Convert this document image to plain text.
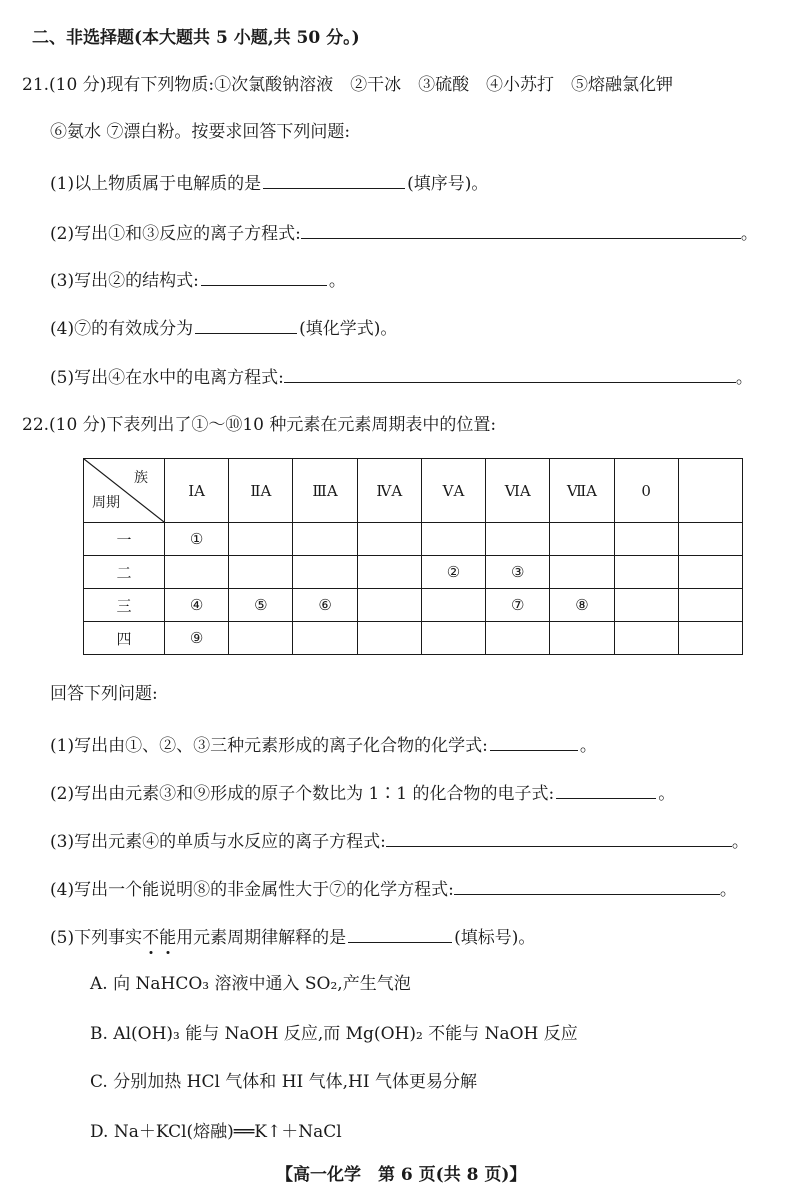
二、非选择题(本大题共 5 小题,共 50 分。)
21.(10 分)现有下列物质:①次氯酸钠溶液　②干冰　③硫酸　④小苏打　⑤熔融氯化钾
⑥氨水 ⑦漂白粉。按要求回答下列问题:
(1)以上物质属于电解质的是	(填序号)。
(2)写出①和③反应的离子方程式:	。
(3)写出②的结构式:	。
(4)⑦的有效成分为	(填化学式)。
(5)写出④在水中的电离方程式:	。
22.(10 分)下表列出了①～⑩10 种元素在元素周期表中的位置:
族
周期	ⅠA	ⅡA	ⅢA	ⅣA	ⅤA	ⅥA	ⅦA	0	
一	①								
二					②	③			
三	④	⑤	⑥			⑦	⑧		
四	⑨								
回答下列问题:
(1)写出由①、②、③三种元素形成的离子化合物的化学式:	。
(2)写出由元素③和⑨形成的原子个数比为 1∶1 的化合物的电子式:	。
(3)写出元素④的单质与水反应的离子方程式:	。
(4)写出一个能说明⑧的非金属性大于⑦的化学方程式:	。
(5)下列事实不能用元素周期律解释的是	(填标号)。
A. 向 NaHCO₃ 溶液中通入 SO₂,产生气泡
B. Al(OH)₃ 能与 NaOH 反应,而 Mg(OH)₂ 不能与 NaOH 反应
C. 分别加热 HCl 气体和 HI 气体,HI 气体更易分解
D. Na＋KCl(熔融)══K↑＋NaCl
【高一化学　第 6 页(共 8 页)】
